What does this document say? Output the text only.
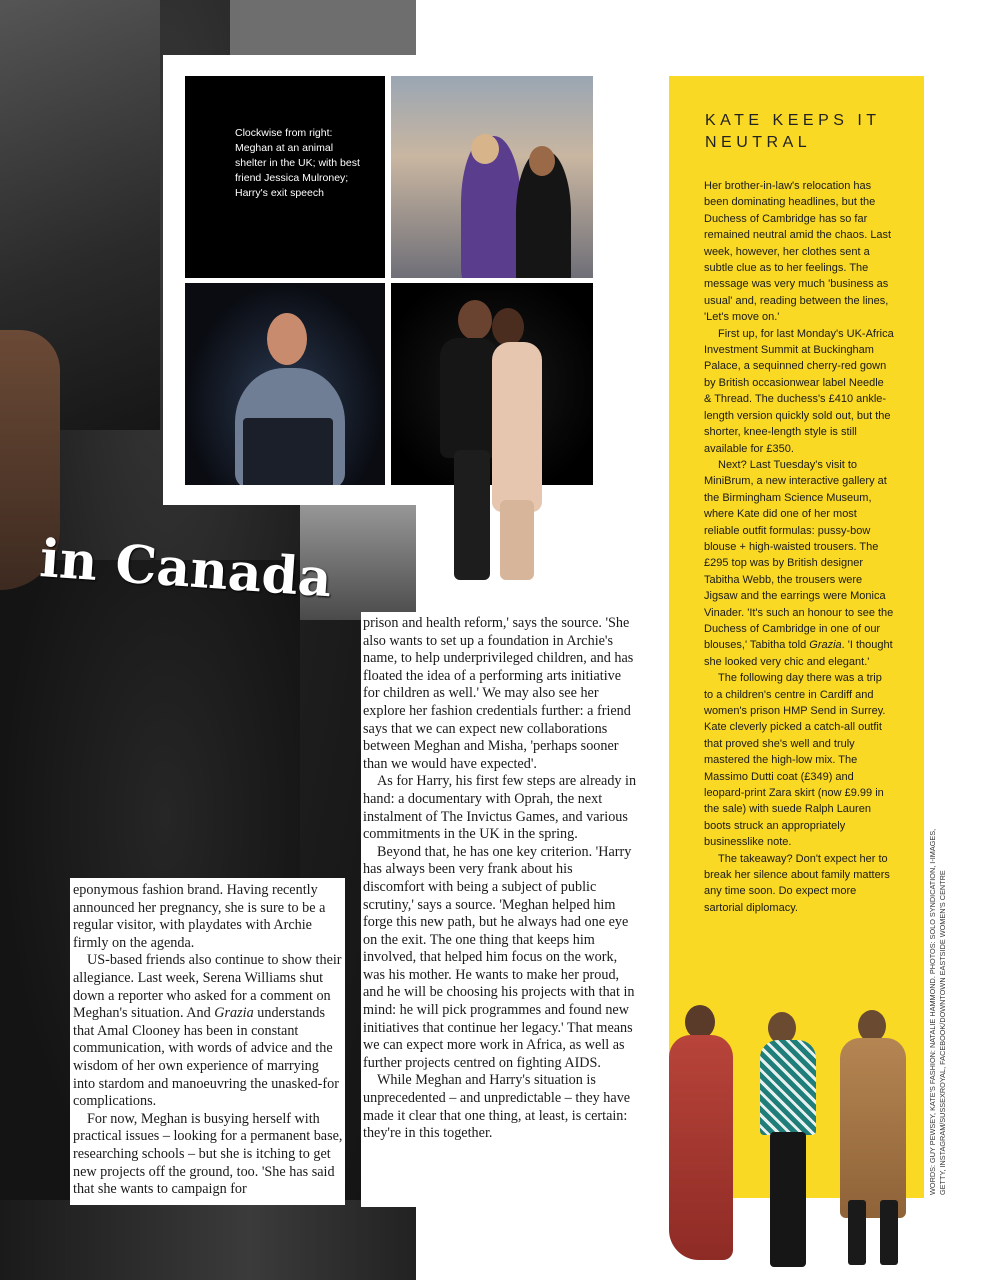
Clockwise from right: Meghan at an animal shelter in the UK; with best friend Jessica Mulroney; Harry's exit speech
in Canada

eponymous fashion brand. Having recently announced her pregnancy, she is sure to be a regular visitor, with playdates with Archie firmly on the agenda.

US-based friends also continue to show their allegiance. Last week, Serena Williams shut down a reporter who asked for a comment on Meghan's situation. And Grazia understands that Amal Clooney has been in constant communication, with words of advice and the wisdom of her own experience of marrying into stardom and manoeuvring the unasked-for complications.

For now, Meghan is busying herself with practical issues – looking for a permanent base, researching schools – but she is itching to get new projects off the ground, too. 'She has said that she wants to campaign for

prison and health reform,' says the source. 'She also wants to set up a foundation in Archie's name, to help underprivileged children, and has floated the idea of a performing arts initiative for children as well.' We may also see her explore her fashion credentials further: a friend says that we can expect new collaborations between Meghan and Misha, 'perhaps sooner than we would have expected'.

As for Harry, his first few steps are already in hand: a documentary with Oprah, the next instalment of The Invictus Games, and various commitments in the UK in the spring.

Beyond that, he has one key criterion. 'Harry has always been very frank about his discomfort with being a subject of public scrutiny,' says a source. 'Meghan helped him forge this new path, but he always had one eye on the exit. The one thing that keeps him involved, that helped him focus on the work, was his mother. He wants to make her proud, and he will be choosing his projects with that in mind: he will pick programmes and found new initiatives that continue her legacy.' That means we can expect more work in Africa, as well as further projects centred on fighting AIDS.

While Meghan and Harry's situation is unprecedented – and unpredictable – they have made it clear that one thing, at least, is certain: they're in this together.

KATE KEEPS IT NEUTRAL

Her brother-in-law's relocation has been dominating headlines, but the Duchess of Cambridge has so far remained neutral amid the chaos. Last week, however, her clothes sent a subtle clue as to her feelings. The message was very much 'business as usual' and, reading between the lines, 'Let's move on.'

First up, for last Monday's UK-Africa Investment Summit at Buckingham Palace, a sequinned cherry-red gown by British occasionwear label Needle & Thread. The duchess's £410 ankle-length version quickly sold out, but the shorter, knee-length style is still available for £350.

Next? Last Tuesday's visit to MiniBrum, a new interactive gallery at the Birmingham Science Museum, where Kate did one of her most reliable outfit formulas: pussy-bow blouse + high-waisted trousers. The £295 top was by British designer Tabitha Webb, the trousers were Jigsaw and the earrings were Monica Vinader. 'It's such an honour to see the Duchess of Cambridge in one of our blouses,' Tabitha told Grazia. 'I thought she looked very chic and elegant.'

The following day there was a trip to a children's centre in Cardiff and women's prison HMP Send in Surrey. Kate cleverly picked a catch-all outfit that proved she's well and truly mastered the high-low mix. The Massimo Dutti coat (£349) and leopard-print Zara skirt (now £9.99 in the sale) with suede Ralph Lauren boots struck an appropriately businesslike note.

The takeaway? Don't expect her to break her silence about family matters any time soon. Do expect more sartorial diplomacy.	WORDS: GUY PEWSEY, KATE'S FASHION: NATALIE HAMMOND. PHOTOS: SOLO SYNDICATION, I-IMAGES, GETTY, INSTAGRAM/SUSSEXROYAL, FACEBOOK/DOWNTOWN EASTSIDE WOMEN'S CENTRE
